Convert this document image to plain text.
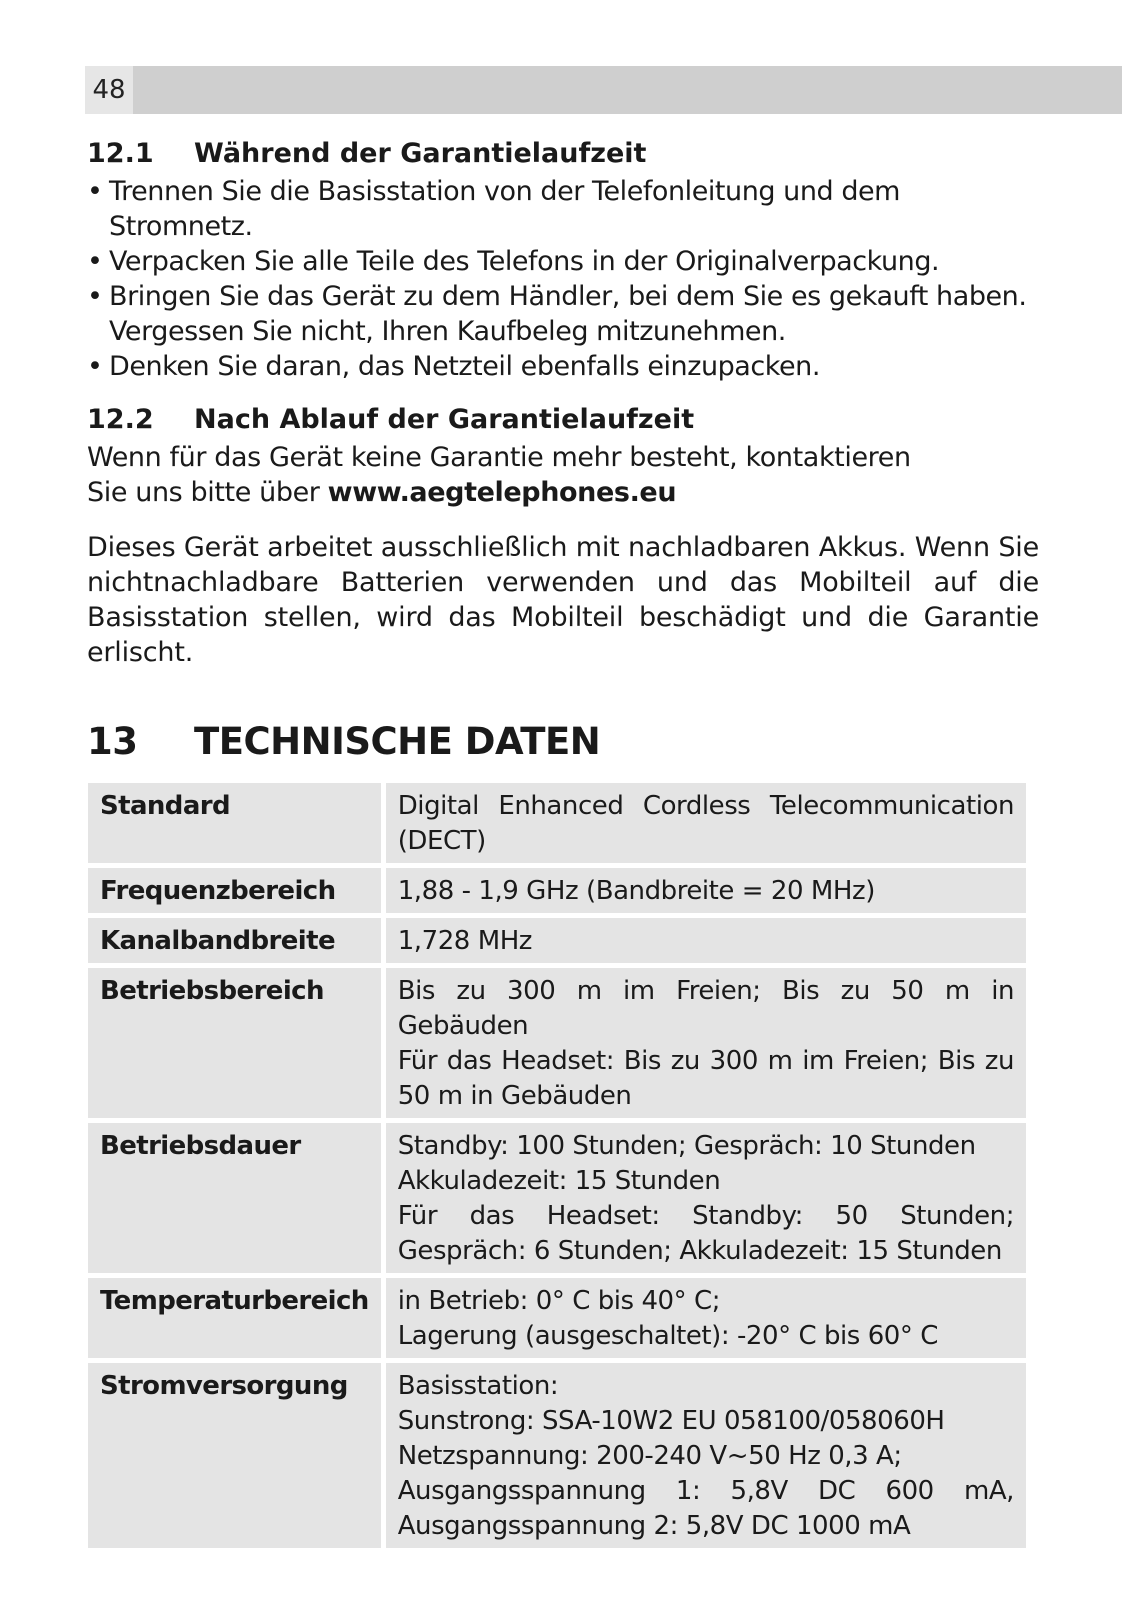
48
12.1	Während der Garantielaufzeit
• Trennen Sie die Basisstation von der Telefonleitung und dem Stromnetz.
• Verpacken Sie alle Teile des Telefons in der Originalverpackung.
• Bringen Sie das Gerät zu dem Händler, bei dem Sie es gekauft haben. Vergessen Sie nicht, Ihren Kaufbeleg mitzunehmen.
• Denken Sie daran, das Netzteil ebenfalls einzupacken.
12.2	Nach Ablauf der Garantielaufzeit

Wenn für das Gerät keine Garantie mehr besteht, kontaktieren
Sie uns bitte über www.aegtelephones.eu

Dieses Gerät arbeitet ausschließlich mit nachladbaren Akkus. Wenn Sie nichtnachladbare Batterien verwenden und das Mobilteil auf die Basisstation stellen, wird das Mobilteil beschädigt und die Garantie erlischt.

13	TECHNISCHE DATEN
Standard	Digital Enhanced Cordless Telecommunication (DECT)
Frequenzbereich	1,88 - 1,9 GHz (Bandbreite = 20 MHz)
Kanalbandbreite	1,728 MHz
Betriebsbereich	Bis zu 300 m im Freien; Bis zu 50 m in Gebäuden
Für das Headset: Bis zu 300 m im Freien; Bis zu 50 m in Gebäuden

Betriebsdauer	Standby: 100 Stunden; Gespräch: 10 Stunden
Akkuladezeit: 15 Stunden
Für das Headset: Standby: 50 Stunden; Gespräch: 6 Stunden; Akkuladezeit: 15 Stunden

Temperaturbereich	in Betrieb: 0° C bis 40° C;
Lagerung (ausgeschaltet): -20° C bis 60° C

Stromversorgung	Basisstation:
Sunstrong: SSA-10W2 EU 058100/058060H
Netzspannung: 200-240 V~50 Hz 0,3 A;
Ausgangsspannung 1: 5,8V DC 600 mA, Ausgangsspannung 2: 5,8V DC 1000 mA
